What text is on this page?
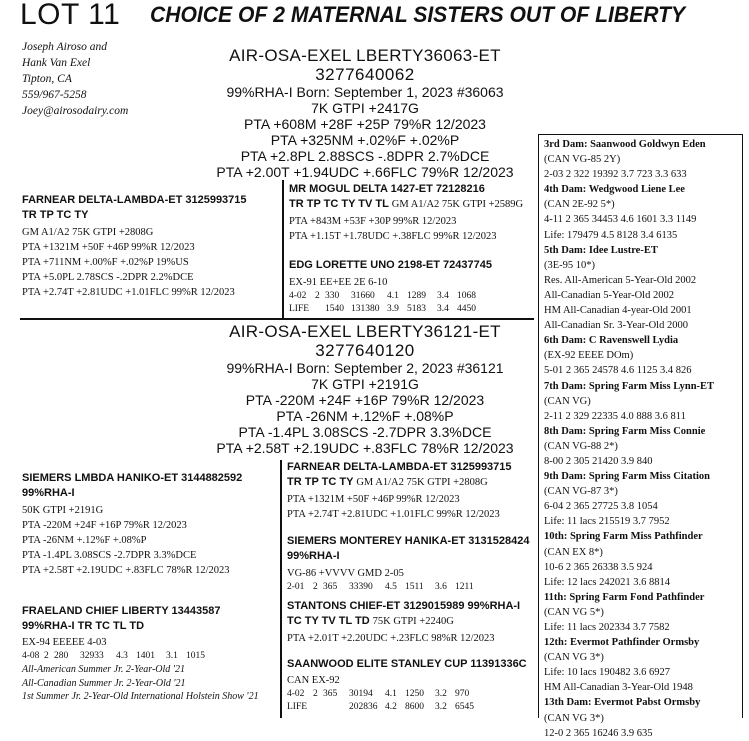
LOT 11 CHOICE OF 2 MATERNAL SISTERS OUT OF LIBERTY
Joseph Airoso and
Hank Van Exel
Tipton, CA
559/967-5258
Joey@airosodairy.com
AIR-OSA-EXEL LBERTY36063-ET
3277640062
99%RHA-I Born: September 1, 2023 #36063
7K GTPI +2417G
PTA +608M +28F +25P 79%R 12/2023
PTA +325NM +.02%F +.02%P
PTA +2.8PL 2.88SCS -.8DPR 2.7%DCE
PTA +2.00T +1.94UDC +.66FLC 79%R 12/2023
FARNEAR DELTA-LAMBDA-ET 3125993715
TR TP TC TY
GM A1/A2 75K GTPI +2808G
PTA +1321M +50F +46P 99%R 12/2023
PTA +711NM +.00%F +.02%P 19%US
PTA +5.0PL 2.78SCS -.2DPR 2.2%DCE
PTA +2.74T +2.81UDC +1.01FLC 99%R 12/2023
MR MOGUL DELTA 1427-ET 72128216
TR TP TC TY TV TL GM A1/A2 75K GTPI +2589G
PTA +843M +53F +30P 99%R 12/2023
PTA +1.15T +1.78UDC +.38FLC 99%R 12/2023
EDG LORETTE UNO 2198-ET 72437745
EX-91 EE+EE 2E 6-10
4-02 2 330 31660 4.1 1289 3.4 1068
LIFE 1540 131380 3.9 5183 3.4 4450
AIR-OSA-EXEL LBERTY36121-ET
3277640120
99%RHA-I Born: September 2, 2023 #36121
7K GTPI +2191G
PTA -220M +24F +16P 79%R 12/2023
PTA -26NM +.12%F +.08%P
PTA -1.4PL 3.08SCS -2.7DPR 3.3%DCE
PTA +2.58T +2.19UDC +.83FLC 78%R 12/2023
FARNEAR DELTA-LAMBDA-ET 3125993715
TR TP TC TY GM A1/A2 75K GTPI +2808G
PTA +1321M +50F +46P 99%R 12/2023
PTA +2.74T +2.81UDC +1.01FLC 99%R 12/2023
SIEMERS LMBDA HANIKO-ET 3144882592
99%RHA-I
50K GTPI +2191G
PTA -220M +24F +16P 79%R 12/2023
PTA -26NM +.12%F +.08%P
PTA -1.4PL 3.08SCS -2.7DPR 3.3%DCE
PTA +2.58T +2.19UDC +.83FLC 78%R 12/2023
SIEMERS MONTEREY HANIKA-ET 3131528424
99%RHA-I
VG-86 +VVVV GMD 2-05
2-01 2 365 33390 4.5 1511 3.6 1211
STANTONS CHIEF-ET 3129015989 99%RHA-I
TC TY TV TL TD 75K GTPI +2240G
PTA +2.01T +2.20UDC +.23FLC 98%R 12/2023
SAANWOOD ELITE STANLEY CUP 11391336C
CAN EX-92
4-02 2 365 30194 4.1 1250 3.2 970
LIFE	202836 4.2 8600 3.2 6545
FRAELAND CHIEF LIBERTY 13443587
99%RHA-I TR TC TL TD
EX-94 EEEEE 4-03
4-08 2 280 32933 4.3 1401 3.1 1015
All-American Summer Jr. 2-Year-Old '21
All-Canadian Summer Jr. 2-Year-Old '21
1st Summer Jr. 2-Year-Old International Holstein Show '21
3rd Dam: Saanwood Goldwyn Eden
(CAN VG-85 2Y)
2-03 2 322 19392 3.7 723 3.3 633
4th Dam: Wedgwood Liene Lee
(CAN 2E-92 5*)
4-11 2 365 34453 4.6 1601 3.3 1149
Life: 179479 4.5 8128 3.4 6135
5th Dam: Idee Lustre-ET
(3E-95 10*)
Res. All-American 5-Year-Old 2002
All-Canadian 5-Year-Old 2002
HM All-Canadian 4-year-Old 2001
All-Canadian Sr. 3-Year-Old 2000
6th Dam: C Ravenswell Lydia
(EX-92 EEEE DOm)
5-01 2 365 24578 4.6 1125 3.4 826
7th Dam: Spring Farm Miss Lynn-ET
(CAN VG)
2-11 2 329 22335 4.0 888 3.6 811
8th Dam: Spring Farm Miss Connie
(CAN VG-88 2*)
8-00 2 305 21420 3.9 840
9th Dam: Spring Farm Miss Citation
(CAN VG-87 3*)
6-04 2 365 27725 3.8 1054
Life: 11 lacs 215519 3.7 7952
10th: Spring Farm Miss Pathfinder
(CAN EX 8*)
10-6 2 365 26338 3.5 924
Life: 12 lacs 242021 3.6 8814
11th: Spring Farm Fond Pathfinder
(CAN VG 5*)
Life: 11 lacs 202334 3.7 7582
12th: Evermot Pathfinder Ormsby
(CAN VG 3*)
Life: 10 lacs 190482 3.6 6927
HM All-Canadian 3-Year-Old 1948
13th Dam: Evermot Pabst Ormsby
(CAN VG 3*)
12-0 2 365 16246 3.9 635
